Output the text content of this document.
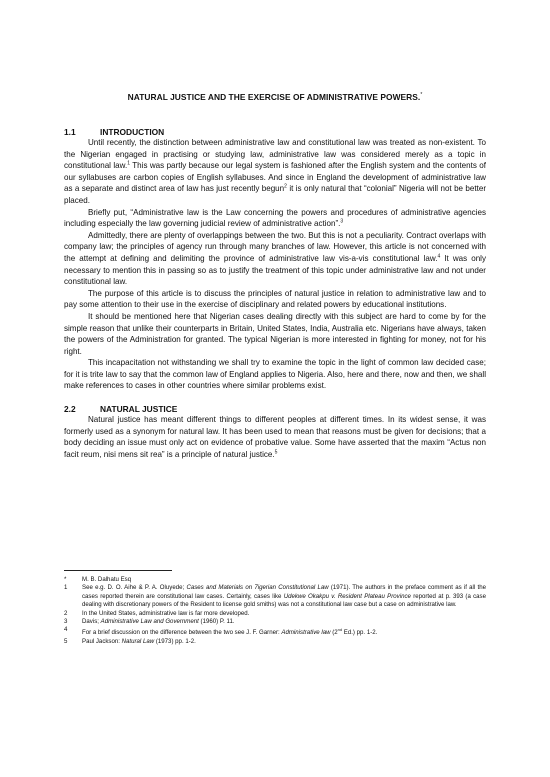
NATURAL JUSTICE AND THE EXERCISE OF ADMINISTRATIVE POWERS.*
1.1	INTRODUCTION

Until recently, the distinction between administrative law and constitutional law was treated as non-existent. To the Nigerian engaged in practising or studying law, administrative law was considered merely as a topic in constitutional law.$^1$ This was partly because our legal system is fashioned after the English system and the contents of our syllabuses are carbon copies of English syllabuses. And since in England the development of administrative law as a separate and distinct area of law has just recently begun$^2$ it is only natural that “colonial” Nigeria will not be better placed.

Briefly put, “Administrative law is the Law concerning the powers and procedures of administrative agencies including especially the law governing judicial review of administrative action”.$^3$

Admittedly, there are plenty of overlappings between the two. But this is not a peculiarity. Contract overlaps with company law; the principles of agency run through many branches of law. However, this article is not concerned with the attempt at defining and delimiting the province of administrative law vis-a-vis constitutional law.$^4$ It was only necessary to mention this in passing so as to justify the treatment of this topic under administrative law and not under constitutional law.

The purpose of this article is to discuss the principles of natural justice in relation to administrative law and to pay some attention to their use in the exercise of disciplinary and related powers by educational institutions.

It should be mentioned here that Nigerian cases dealing directly with this subject are hard to come by for the simple reason that unlike their counterparts in Britain, United States, India, Australia etc. Nigerians have always, taken the powers of the Administration for granted. The typical Nigerian is more interested in fighting for money, not for his right.

This incapacitation not withstanding we shall try to examine the topic in the light of common law decided case; for it is trite law to say that the common law of England applies to Nigeria. Also, here and there, now and then, we shall make references to cases in other countries where similar problems exist.

2.2	NATURAL JUSTICE

Natural justice has meant different things to different peoples at different times. In its widest sense, it was formerly used as a synonym for natural law. It has been used to mean that reasons must be given for decisions; that a body deciding an issue must only act on evidence of probative value. Some have asserted that the maxim “Actus non facit reum, nisi mens sit rea” is a principle of natural justice.$^5$

*	M. B. Dalhatu Esq
1	See e.g. D. O. Aihe & P. A. Oluyede; Cases and Materials on 7igerian Constitutional Law (1971). The authors in the preface comment as if all the cases reported therein are constitutional law cases. Certainly, cases like Udekwe Okakpu v. Resident Plateau Province reported at p. 393 (a case dealing with discretionary powers of the Resident to license gold smiths) was not a constitutional law case but a case on administrative law.
2	In the United States, administrative law is far more developed.
3	Davis; Administrative Law and Government (1960) P. 11.
4	For a brief discussion on the difference between the two see J. F. Garner: Administrative law (2nd Ed.) pp. 1-2.
5	Paul Jackson: Natural Law (1973) pp. 1-2.
